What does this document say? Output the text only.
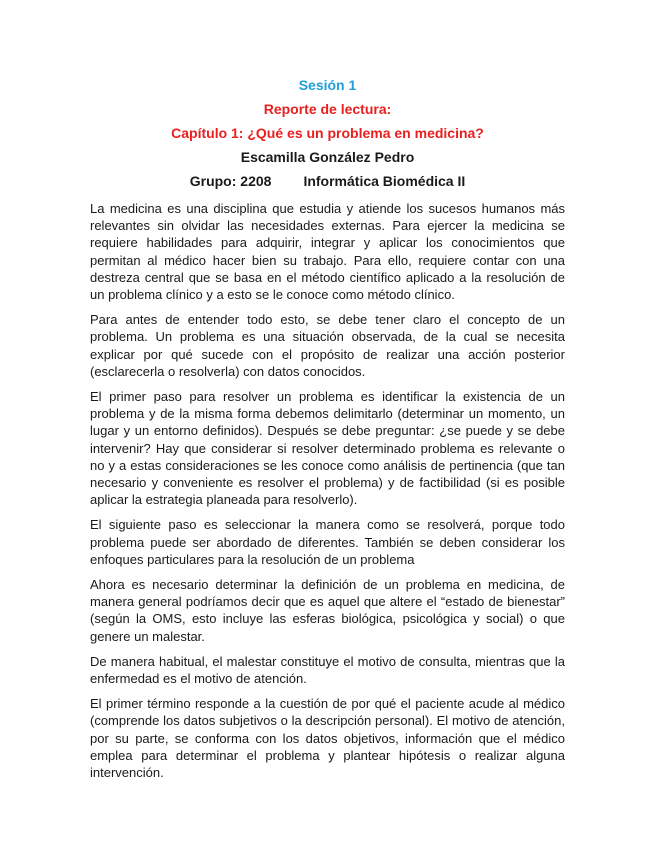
Sesión 1
Reporte de lectura:
Capítulo 1: ¿Qué es un problema en medicina?
Escamilla González Pedro
Grupo: 2208 Informática Biomédica II

La medicina es una disciplina que estudia y atiende los sucesos humanos más relevantes sin olvidar las necesidades externas. Para ejercer la medicina se requiere habilidades para adquirir, integrar y aplicar los conocimientos que permitan al médico hacer bien su trabajo. Para ello, requiere contar con una destreza central que se basa en el método científico aplicado a la resolución de un problema clínico y a esto se le conoce como método clínico.

Para antes de entender todo esto, se debe tener claro el concepto de un problema. Un problema es una situación observada, de la cual se necesita explicar por qué sucede con el propósito de realizar una acción posterior (esclarecerla o resolverla) con datos conocidos.

El primer paso para resolver un problema es identificar la existencia de un problema y de la misma forma debemos delimitarlo (determinar un momento, un lugar y un entorno definidos). Después se debe preguntar: ¿se puede y se debe intervenir? Hay que considerar si resolver determinado problema es relevante o no y a estas consideraciones se les conoce como análisis de pertinencia (que tan necesario y conveniente es resolver el problema) y de factibilidad (si es posible aplicar la estrategia planeada para resolverlo).

El siguiente paso es seleccionar la manera como se resolverá, porque todo problema puede ser abordado de diferentes. También se deben considerar los enfoques particulares para la resolución de un problema

Ahora es necesario determinar la definición de un problema en medicina, de manera general podríamos decir que es aquel que altere el “estado de bienestar” (según la OMS, esto incluye las esferas biológica, psicológica y social) o que genere un malestar.

De manera habitual, el malestar constituye el motivo de consulta, mientras que la enfermedad es el motivo de atención.

El primer término responde a la cuestión de por qué el paciente acude al médico (comprende los datos subjetivos o la descripción personal). El motivo de atención, por su parte, se conforma con los datos objetivos, información que el médico emplea para determinar el problema y plantear hipótesis o realizar alguna intervención.
